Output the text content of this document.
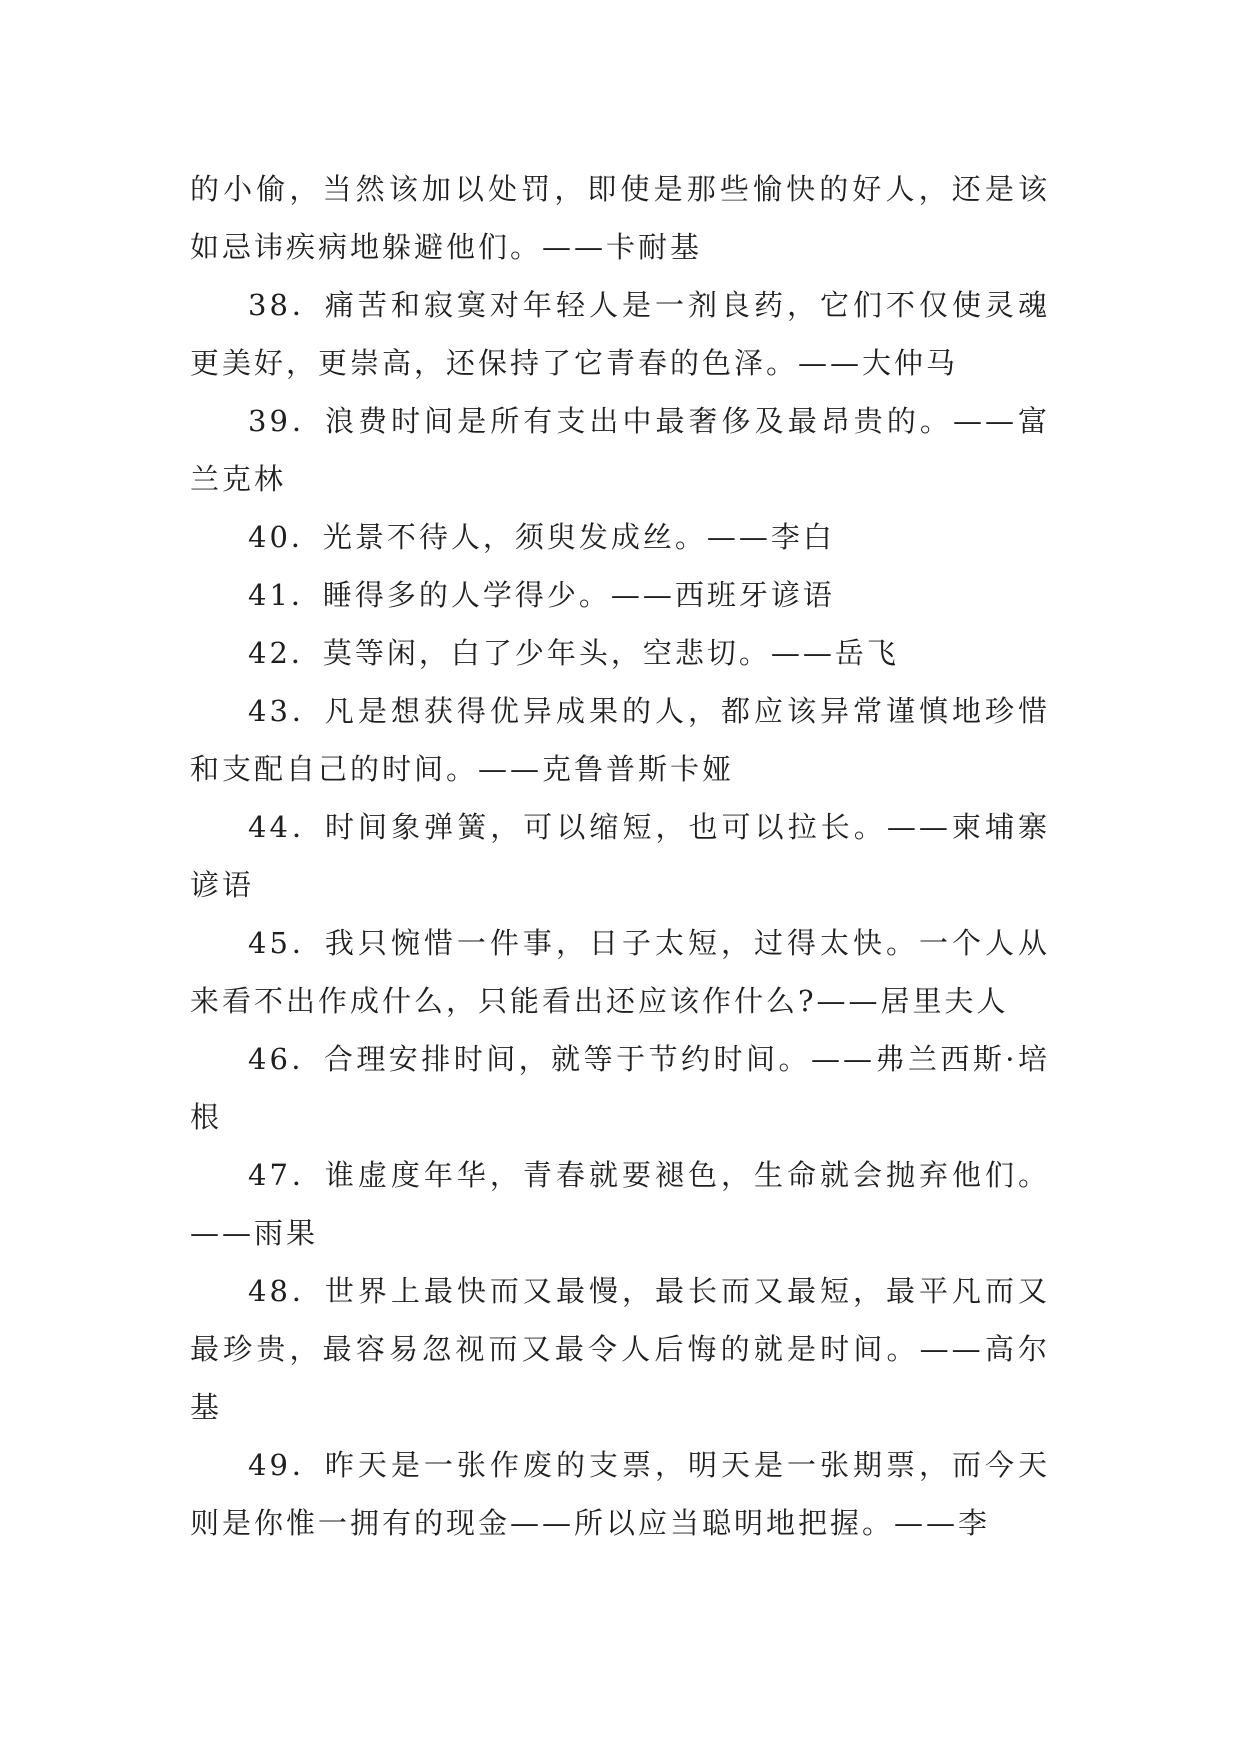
的小偷，当然该加以处罚，即使是那些愉快的好人，还是该如忌讳疾病地躲避他们。——卡耐基

38．痛苦和寂寞对年轻人是一剂良药，它们不仅使灵魂更美好，更崇高，还保持了它青春的色泽。——大仲马

39．浪费时间是所有支出中最奢侈及最昂贵的。——富兰克林

40．光景不待人，须臾发成丝。——李白

41．睡得多的人学得少。——西班牙谚语

42．莫等闲，白了少年头，空悲切。——岳飞

43．凡是想获得优异成果的人，都应该异常谨慎地珍惜和支配自己的时间。——克鲁普斯卡娅

44．时间象弹簧，可以缩短，也可以拉长。——柬埔寨谚语

45．我只惋惜一件事，日子太短，过得太快。一个人从来看不出作成什么，只能看出还应该作什么?——居里夫人

46．合理安排时间，就等于节约时间。——弗兰西斯·培根

47．谁虚度年华，青春就要褪色，生命就会抛弃他们。——雨果

48．世界上最快而又最慢，最长而又最短，最平凡而又最珍贵，最容易忽视而又最令人后悔的就是时间。——高尔基

49．昨天是一张作废的支票，明天是一张期票，而今天则是你惟一拥有的现金——所以应当聪明地把握。——李
